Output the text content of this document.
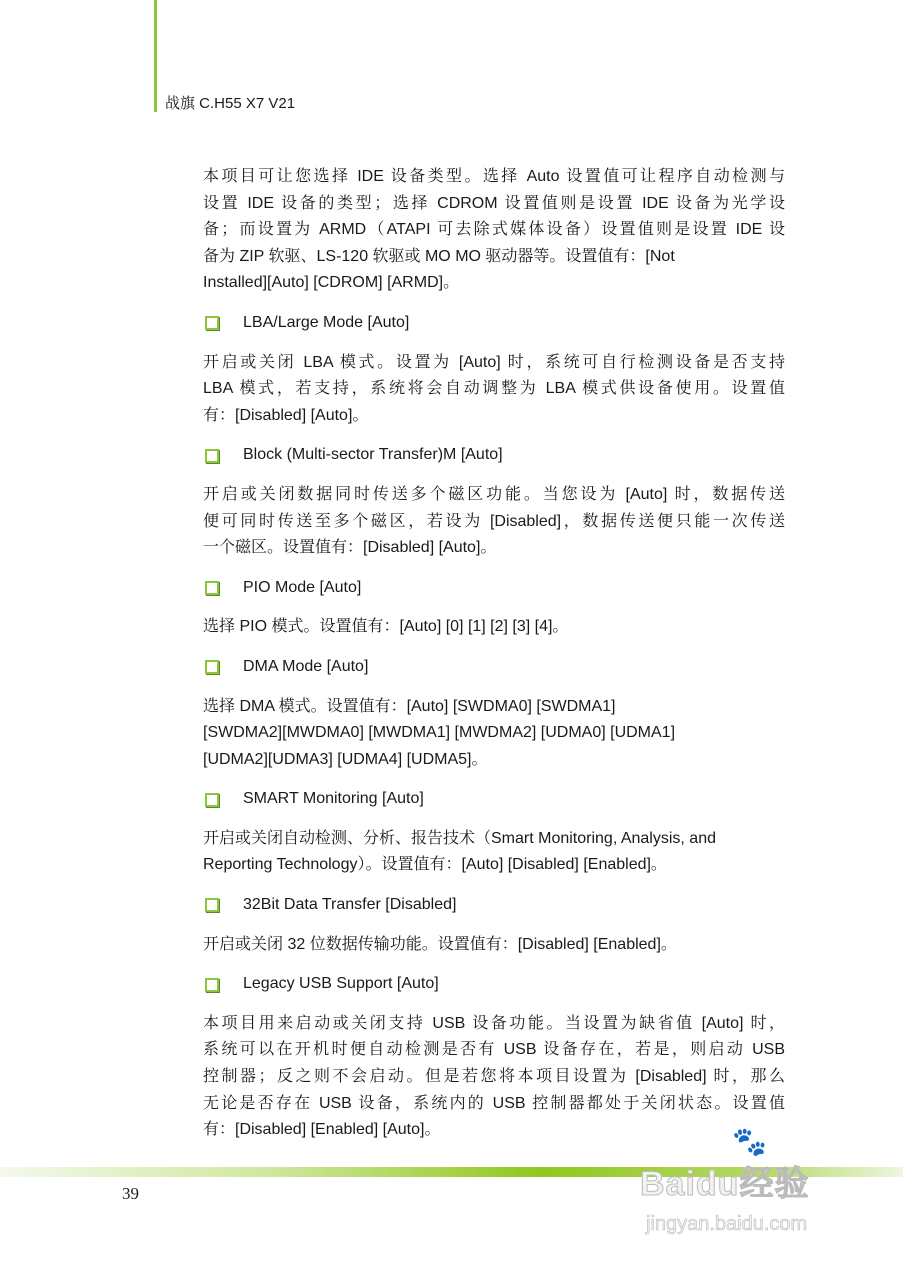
战旗 C.H55 X7 V21
本项目可让您选择 IDE 设备类型。选择 Auto 设置值可让程序自动检测与
设置 IDE 设备的类型；选择 CDROM 设置值则是设置 IDE 设备为光学设
备；而设置为 ARMD（ATAPI 可去除式媒体设备）设置值则是设置 IDE 设
备为 ZIP 软驱、LS-120 软驱或 MO MO 驱动器等。设置值有：[Not
Installed][Auto] [CDROM] [ARMD]。
LBA/Large Mode [Auto]
开启或关闭 LBA 模式。设置为 [Auto] 时，系统可自行检测设备是否支持
LBA 模式，若支持，系统将会自动调整为 LBA 模式供设备使用。设置值
有：[Disabled] [Auto]。
Block (Multi-sector Transfer)M [Auto]
开启或关闭数据同时传送多个磁区功能。当您设为 [Auto] 时，数据传送
便可同时传送至多个磁区，若设为 [Disabled]，数据传送便只能一次传送
一个磁区。设置值有：[Disabled] [Auto]。
PIO Mode [Auto]
选择 PIO 模式。设置值有：[Auto] [0] [1] [2] [3] [4]。
DMA Mode [Auto]
选择 DMA 模式。设置值有：[Auto] [SWDMA0] [SWDMA1]
[SWDMA2][MWDMA0] [MWDMA1] [MWDMA2] [UDMA0] [UDMA1]
[UDMA2][UDMA3] [UDMA4] [UDMA5]。
SMART Monitoring [Auto]
开启或关闭自动检测、分析、报告技术（Smart Monitoring, Analysis, and
Reporting Technology）。设置值有：[Auto] [Disabled] [Enabled]。
32Bit Data Transfer [Disabled]
开启或关闭 32 位数据传输功能。设置值有：[Disabled] [Enabled]。
Legacy USB Support [Auto]
本项目用来启动或关闭支持 USB 设备功能。当设置为缺省值 [Auto] 时，
系统可以在开机时便自动检测是否有 USB 设备存在，若是，则启动 USB
控制器；反之则不会启动。但是若您将本项目设置为 [Disabled] 时，那么
无论是否存在 USB 设备，系统内的 USB 控制器都处于关闭状态。设置值
有：[Disabled] [Enabled] [Auto]。
39
🐾
Baidu经验
jingyan.baidu.com
